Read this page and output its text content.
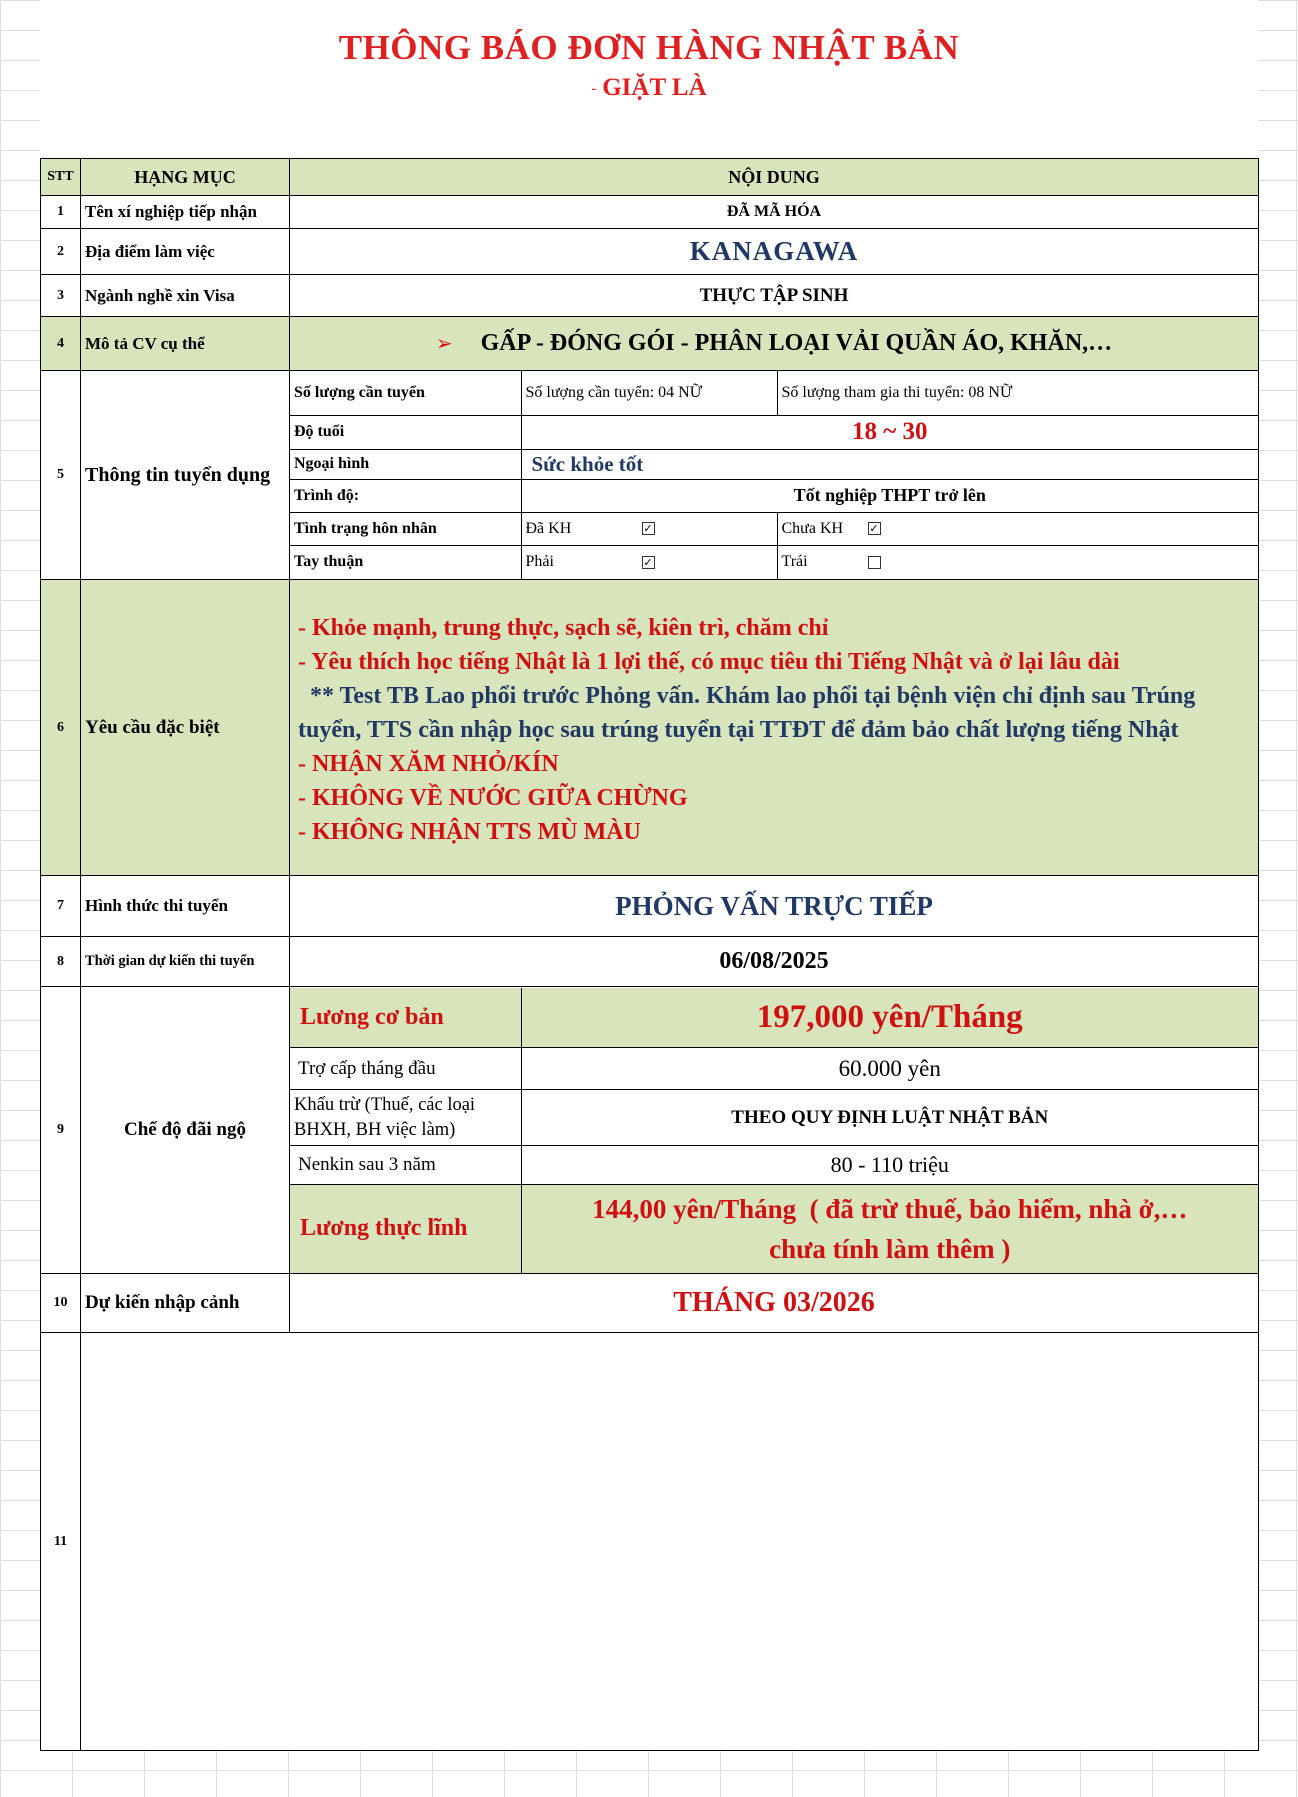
THÔNG BÁO ĐƠN HÀNG NHẬT BẢN
- GIẶT LÀ
STT	HẠNG MỤC	NỘI DUNG
1	Tên xí nghiệp tiếp nhận	ĐÃ MÃ HÓA
2	Địa điểm làm việc	KANAGAWA
3	Ngành nghề xin Visa	THỰC TẬP SINH
4	Mô tả CV cụ thể	➢ GẤP - ĐÓNG GÓI - PHÂN LOẠI VẢI QUẦN ÁO, KHĂN,…
5	Thông tin tuyển dụng	
Số lượng cần tuyển	Số lượng cần tuyển: 04 NỮ	Số lượng tham gia thi tuyển: 08 NỮ
Độ tuổi	18 ~ 30
Ngoại hình	Sức khỏe tốt
Trình độ:	Tốt nghiệp THPT trở lên
Tình trạng hôn nhân	Đã KH	✓	Chưa KH ✓
Tay thuận	Phải	✓	Trái

6	Yêu cầu đặc biệt	
- Khỏe mạnh, trung thực, sạch sẽ, kiên trì, chăm chỉ
- Yêu thích học tiếng Nhật là 1 lợi thế, có mục tiêu thi Tiếng Nhật và ở lại lâu dài
** Test TB Lao phổi trước Phỏng vấn. Khám lao phổi tại bệnh viện chỉ định sau Trúng tuyển, TTS cần nhập học sau trúng tuyển tại TTĐT để đảm bảo chất lượng tiếng Nhật
- NHẬN XĂM NHỎ/KÍN
- KHÔNG VỀ NƯỚC GIỮA CHỪNG
- KHÔNG NHẬN TTS MÙ MÀU

7	Hình thức thi tuyển	PHỎNG VẤN TRỰC TIẾP
8	Thời gian dự kiến thi tuyển	06/08/2025
9	Chế độ đãi ngộ	
Lương cơ bản	197,000 yên/Tháng
Trợ cấp tháng đầu	60.000 yên
Khấu trừ (Thuế, các loại BHXH, BH việc làm)	THEO QUY ĐỊNH LUẬT NHẬT BẢN
Nenkin sau 3 năm	80 - 110 triệu
Lương thực lĩnh	
144,00 yên/Tháng  ( đã trừ thuế, bảo hiểm, nhà ở,…
chưa tính làm thêm )

10	Dự kiến nhập cảnh	THÁNG 03/2026
11	
